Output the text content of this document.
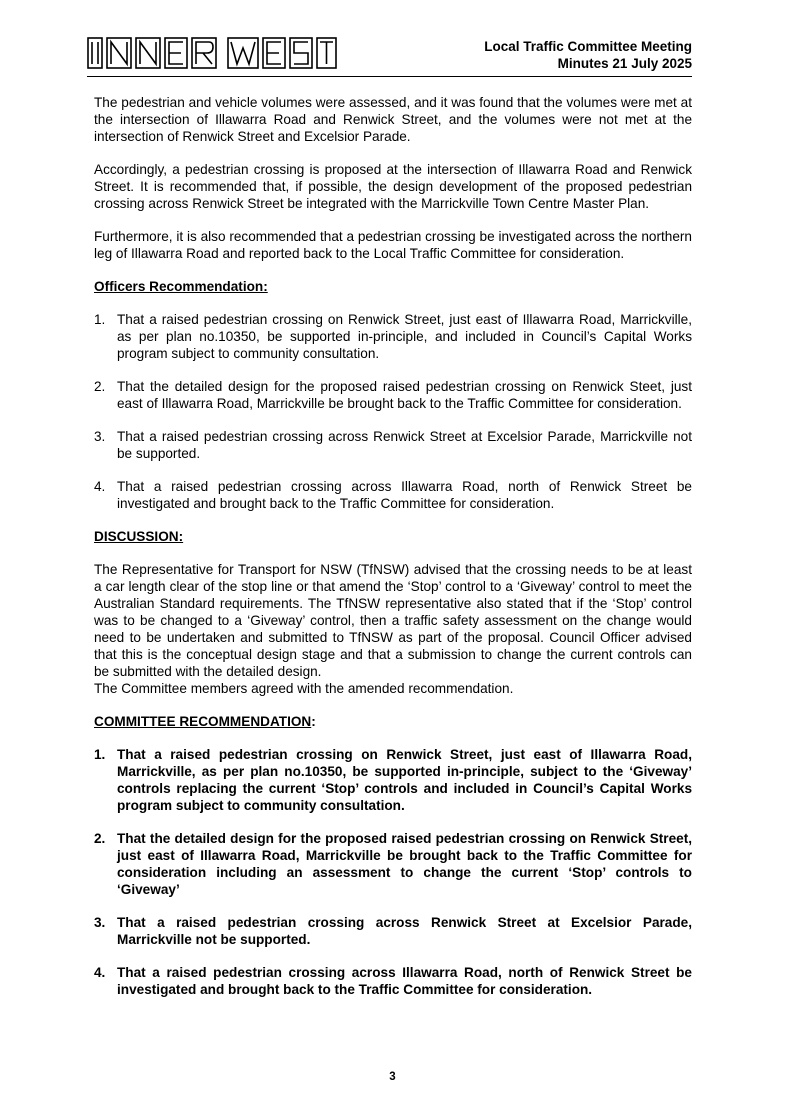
Local Traffic Committee Meeting
Minutes 21 July 2025

The pedestrian and vehicle volumes were assessed, and it was found that the volumes were met at the intersection of Illawarra Road and Renwick Street, and the volumes were not met at the intersection of Renwick Street and Excelsior Parade.

Accordingly, a pedestrian crossing is proposed at the intersection of Illawarra Road and Renwick Street. It is recommended that, if possible, the design development of the proposed pedestrian crossing across Renwick Street be integrated with the Marrickville Town Centre Master Plan.

Furthermore, it is also recommended that a pedestrian crossing be investigated across the northern leg of Illawarra Road and reported back to the Local Traffic Committee for consideration.

Officers Recommendation:
1. That a raised pedestrian crossing on Renwick Street, just east of Illawarra Road, Marrickville, as per plan no.10350, be supported in-principle, and included in Council’s Capital Works program subject to community consultation.
2. That the detailed design for the proposed raised pedestrian crossing on Renwick Steet, just east of Illawarra Road, Marrickville be brought back to the Traffic Committee for consideration.
3. That a raised pedestrian crossing across Renwick Street at Excelsior Parade, Marrickville not be supported.
4. That a raised pedestrian crossing across Illawarra Road, north of Renwick Street be investigated and brought back to the Traffic Committee for consideration.
DISCUSSION:

The Representative for Transport for NSW (TfNSW) advised that the crossing needs to be at least a car length clear of the stop line or that amend the ‘Stop’ control to a ‘Giveway’ control to meet the Australian Standard requirements. The TfNSW representative also stated that if the ‘Stop’ control was to be changed to a ‘Giveway’ control, then a traffic safety assessment on the change would need to be undertaken and submitted to TfNSW as part of the proposal. Council Officer advised that this is the conceptual design stage and that a submission to change the current controls can be submitted with the detailed design.

The Committee members agreed with the amended recommendation.

COMMITTEE RECOMMENDATION:
1. That a raised pedestrian crossing on Renwick Street, just east of Illawarra Road, Marrickville, as per plan no.10350, be supported in-principle, subject to the ‘Giveway’ controls replacing the current ‘Stop’ controls and included in Council’s Capital Works program subject to community consultation.
2. That the detailed design for the proposed raised pedestrian crossing on Renwick Street, just east of Illawarra Road, Marrickville be brought back to the Traffic Committee for consideration including an assessment to change the current ‘Stop’ controls to ‘Giveway’
3. That a raised pedestrian crossing across Renwick Street at Excelsior Parade, Marrickville not be supported.
4. That a raised pedestrian crossing across Illawarra Road, north of Renwick Street be investigated and brought back to the Traffic Committee for consideration.
3
